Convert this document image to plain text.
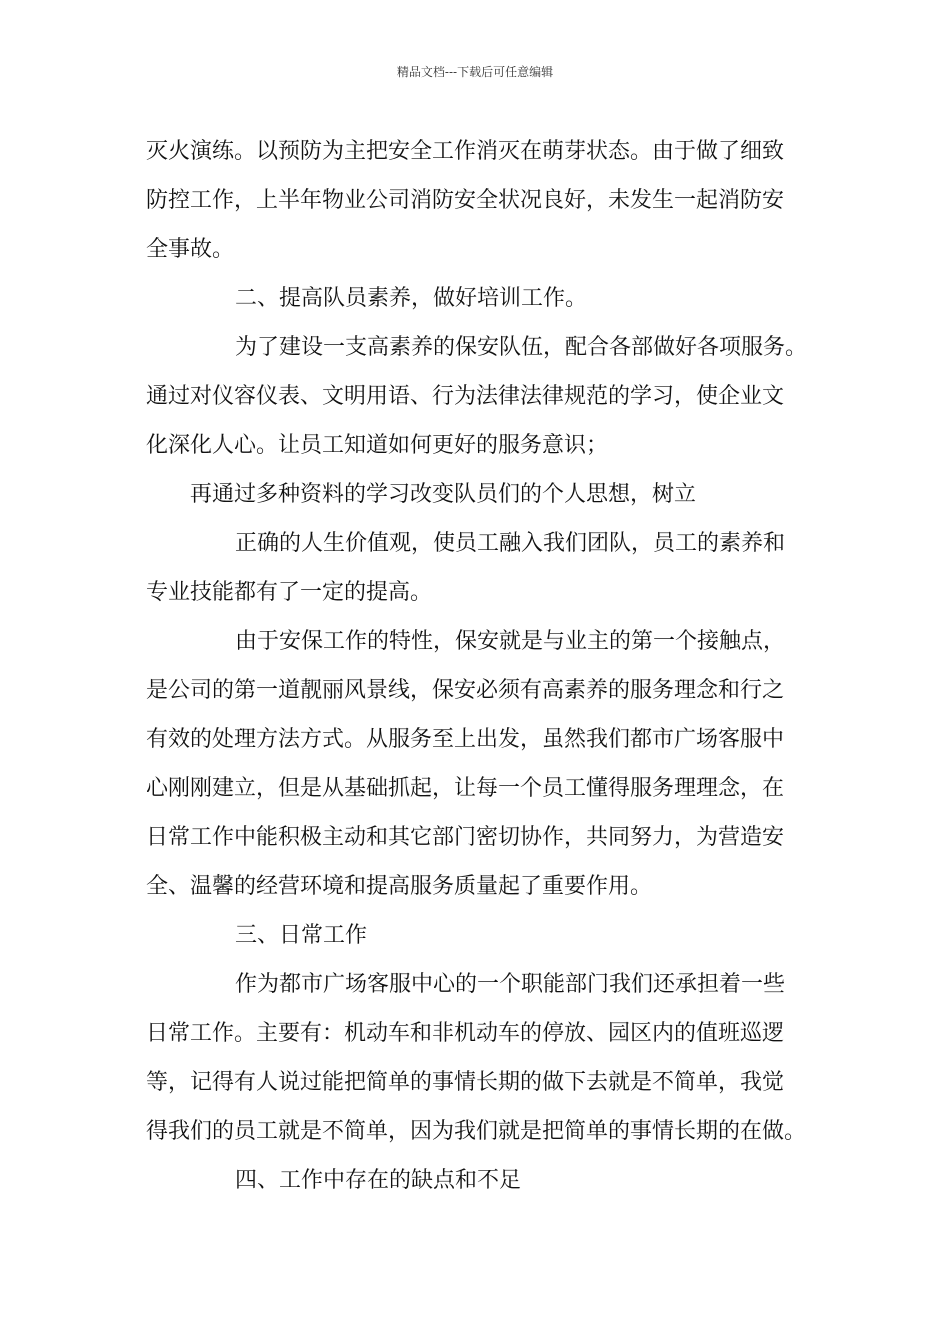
精品文档---下载后可任意编辑
灭火演练。以预防为主把安全工作消灭在萌芽状态。由于做了细致
防控工作，上半年物业公司消防安全状况良好，未发生一起消防安
全事故。
二、提高队员素养，做好培训工作。
为了建设一支高素养的保安队伍，配合各部做好各项服务。
通过对仪容仪表、文明用语、行为法律法律规范的学习，使企业文
化深化人心。让员工知道如何更好的服务意识；
再通过多种资料的学习改变队员们的个人思想，树立
正确的人生价值观，使员工融入我们团队，员工的素养和
专业技能都有了一定的提高。
由于安保工作的特性，保安就是与业主的第一个接触点，
是公司的第一道靓丽风景线，保安必须有高素养的服务理念和行之
有效的处理方法方式。从服务至上出发，虽然我们都市广场客服中
心刚刚建立，但是从基础抓起，让每一个员工懂得服务理理念，在
日常工作中能积极主动和其它部门密切协作，共同努力，为营造安
全、温馨的经营环境和提高服务质量起了重要作用。
三、日常工作
作为都市广场客服中心的一个职能部门我们还承担着一些
日常工作。主要有：机动车和非机动车的停放、园区内的值班巡逻
等，记得有人说过能把简单的事情长期的做下去就是不简单，我觉
得我们的员工就是不简单，因为我们就是把简单的事情长期的在做。
四、工作中存在的缺点和不足
